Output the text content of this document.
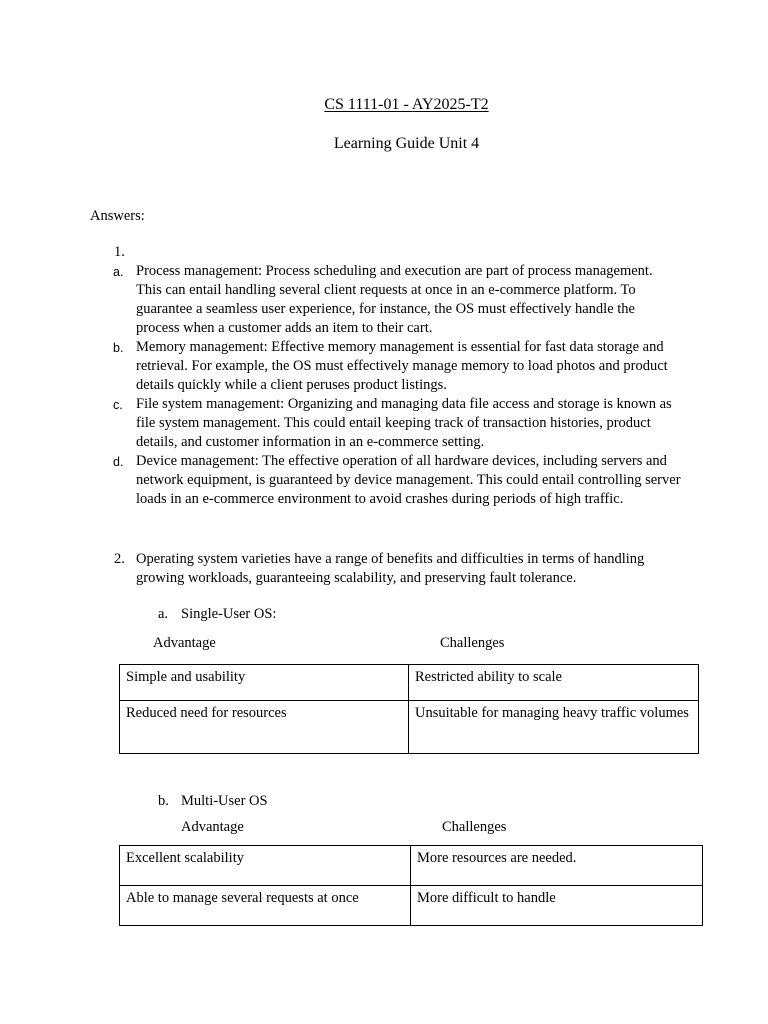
CS 1111-01 - AY2025-T2
Learning Guide Unit 4
Answers:
1.
a. Process management: Process scheduling and execution are part of process management. This can entail handling several client requests at once in an e-commerce platform. To guarantee a seamless user experience, for instance, the OS must effectively handle the process when a customer adds an item to their cart.
b. Memory management: Effective memory management is essential for fast data storage and retrieval. For example, the OS must effectively manage memory to load photos and product details quickly while a client peruses product listings.
c. File system management: Organizing and managing data file access and storage is known as file system management. This could entail keeping track of transaction histories, product details, and customer information in an e-commerce setting.
d. Device management: The effective operation of all hardware devices, including servers and network equipment, is guaranteed by device management. This could entail controlling server loads in an e-commerce environment to avoid crashes during periods of high traffic.
2. Operating system varieties have a range of benefits and difficulties in terms of handling growing workloads, guaranteeing scalability, and preserving fault tolerance.
a. Single-User OS:
Advantage	Challenges
Simple and usability	Restricted ability to scale
Reduced need for resources	Unsuitable for managing heavy traffic volumes
b. Multi-User OS
Advantage	Challenges
Excellent scalability	More resources are needed.
Able to manage several requests at once	More difficult to handle
